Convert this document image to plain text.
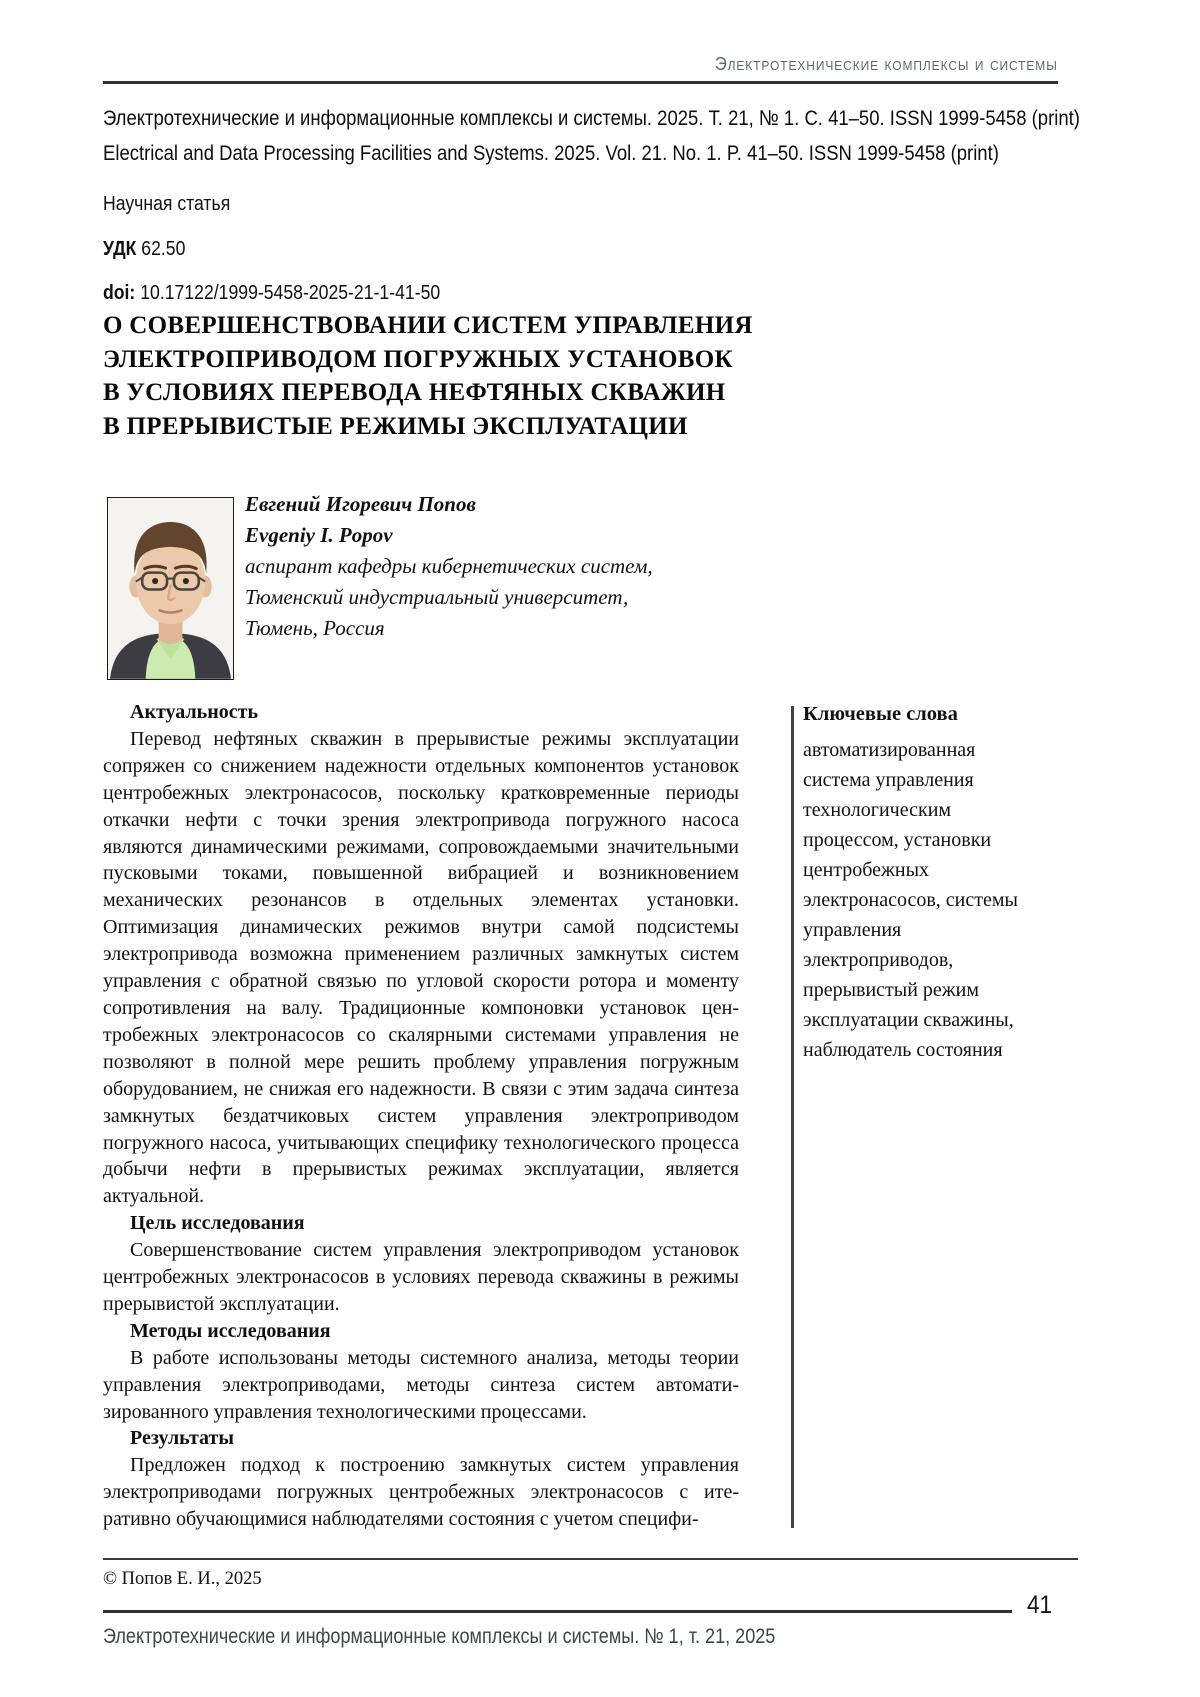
Электротехнические комплексы и системы
Электротехнические и информационные комплексы и системы. 2025. Т. 21, № 1. С. 41–50. ISSN 1999-5458 (print)
Electrical and Data Processing Facilities and Systems. 2025. Vol. 21. No. 1. P. 41–50. ISSN 1999-5458 (print)
Научная статья
УДК 62.50
doi: 10.17122/1999-5458-2025-21-1-41-50
О СОВЕРШЕНСТВОВАНИИ СИСТЕМ УПРАВЛЕНИЯ
ЭЛЕКТРОПРИВОДОМ ПОГРУЖНЫХ УСТАНОВОК
В УСЛОВИЯХ ПЕРЕВОДА НЕФТЯНЫХ СКВАЖИН
В ПРЕРЫВИСТЫЕ РЕЖИМЫ ЭКСПЛУАТАЦИИ
Евгений Игоревич Попов
Evgeniy I. Popov
аспирант кафедры кибернетических систем,
Тюменский индустриальный университет,
Тюмень, Россия
Актуальность

Перевод нефтяных скважин в прерывистые режимы эксплуатации сопряжен со снижением надежности отдельных компонентов установок центробежных электронасосов, поскольку кратковременные периоды откачки нефти с точки зрения электропривода погружного насоса являются динамическими режимами, сопровождаемыми значительными пусковыми токами, повышенной вибрацией и возникновением механических резонансов в отдельных элементах установки. Оптимизация динамических режимов внутри самой подсистемы электропривода возможна применением различных замкнутых систем управления с обратной связью по угловой скорости ротора и моменту сопротивления на валу. Традиционные компоновки установок центробежных электронасосов со скалярными системами управления не позволяют в полной мере решить проблему управления погружным оборудованием, не снижая его надежности. В связи с этим задача синтеза замкнутых бездатчиковых систем управления электроприводом погружного насоса, учитывающих специфику технологического процесса добычи нефти в прерывистых режимах эксплуатации, является актуальной.

Цель исследования

Совершенствование систем управления электроприводом установок центробежных электронасосов в условиях перевода скважины в режимы прерывистой эксплуатации.

Методы исследования

В работе использованы методы системного анализа, методы теории управления электроприводами, методы синтеза систем автоматизированного управления технологическими процессами.

Результаты

Предложен подход к построению замкнутых систем управления электроприводами погружных центробежных электронасосов с итеративно обучающимися наблюдателями состояния с учетом специфи-

Ключевые слова

автоматизированная система управления технологическим процессом, установки центробежных электронасосов, системы управления электроприводов, прерывистый режим эксплуатации скважины, наблюдатель состояния

© Попов Е. И., 2025
41
Электротехнические и информационные комплексы и системы. № 1, т. 21, 2025
